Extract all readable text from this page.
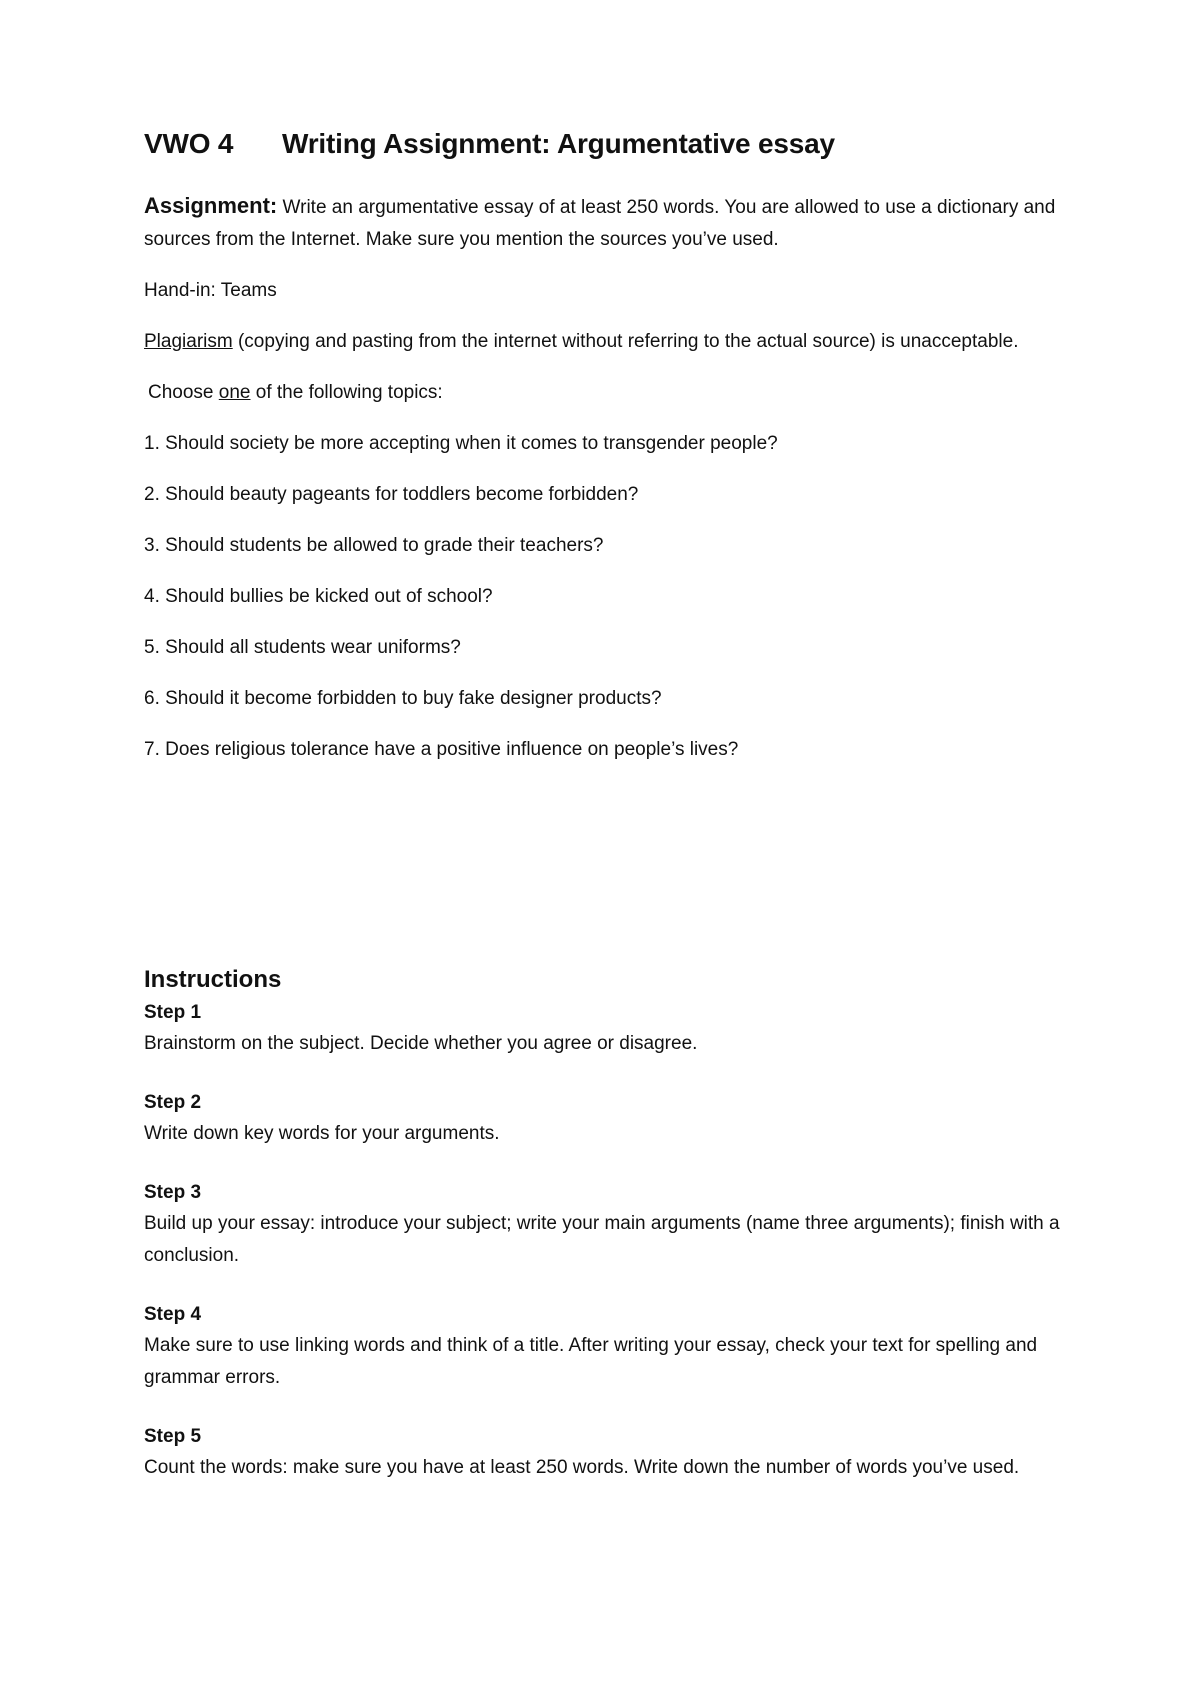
VWO 4 Writing Assignment: Argumentative essay

Assignment: Write an argumentative essay of at least 250 words. You are allowed to use a dictionary and sources from the Internet. Make sure you mention the sources you’ve used.

Hand-in: Teams

Plagiarism (copying and pasting from the internet without referring to the actual source) is unacceptable.

Choose one of the following topics:

1. Should society be more accepting when it comes to transgender people?
2. Should beauty pageants for toddlers become forbidden?
3. Should students be allowed to grade their teachers?
4. Should bullies be kicked out of school?
5. Should all students wear uniforms?
6. Should it become forbidden to buy fake designer products?
7. Does religious tolerance have a positive influence on people’s lives?
Instructions
Step 1
Brainstorm on the subject. Decide whether you agree or disagree.
Step 2
Write down key words for your arguments.
Step 3
Build up your essay: introduce your subject; write your main arguments (name three arguments); finish with a conclusion.
Step 4
Make sure to use linking words and think of a title. After writing your essay, check your text for spelling and grammar errors.
Step 5
Count the words: make sure you have at least 250 words. Write down the number of words you’ve used.
